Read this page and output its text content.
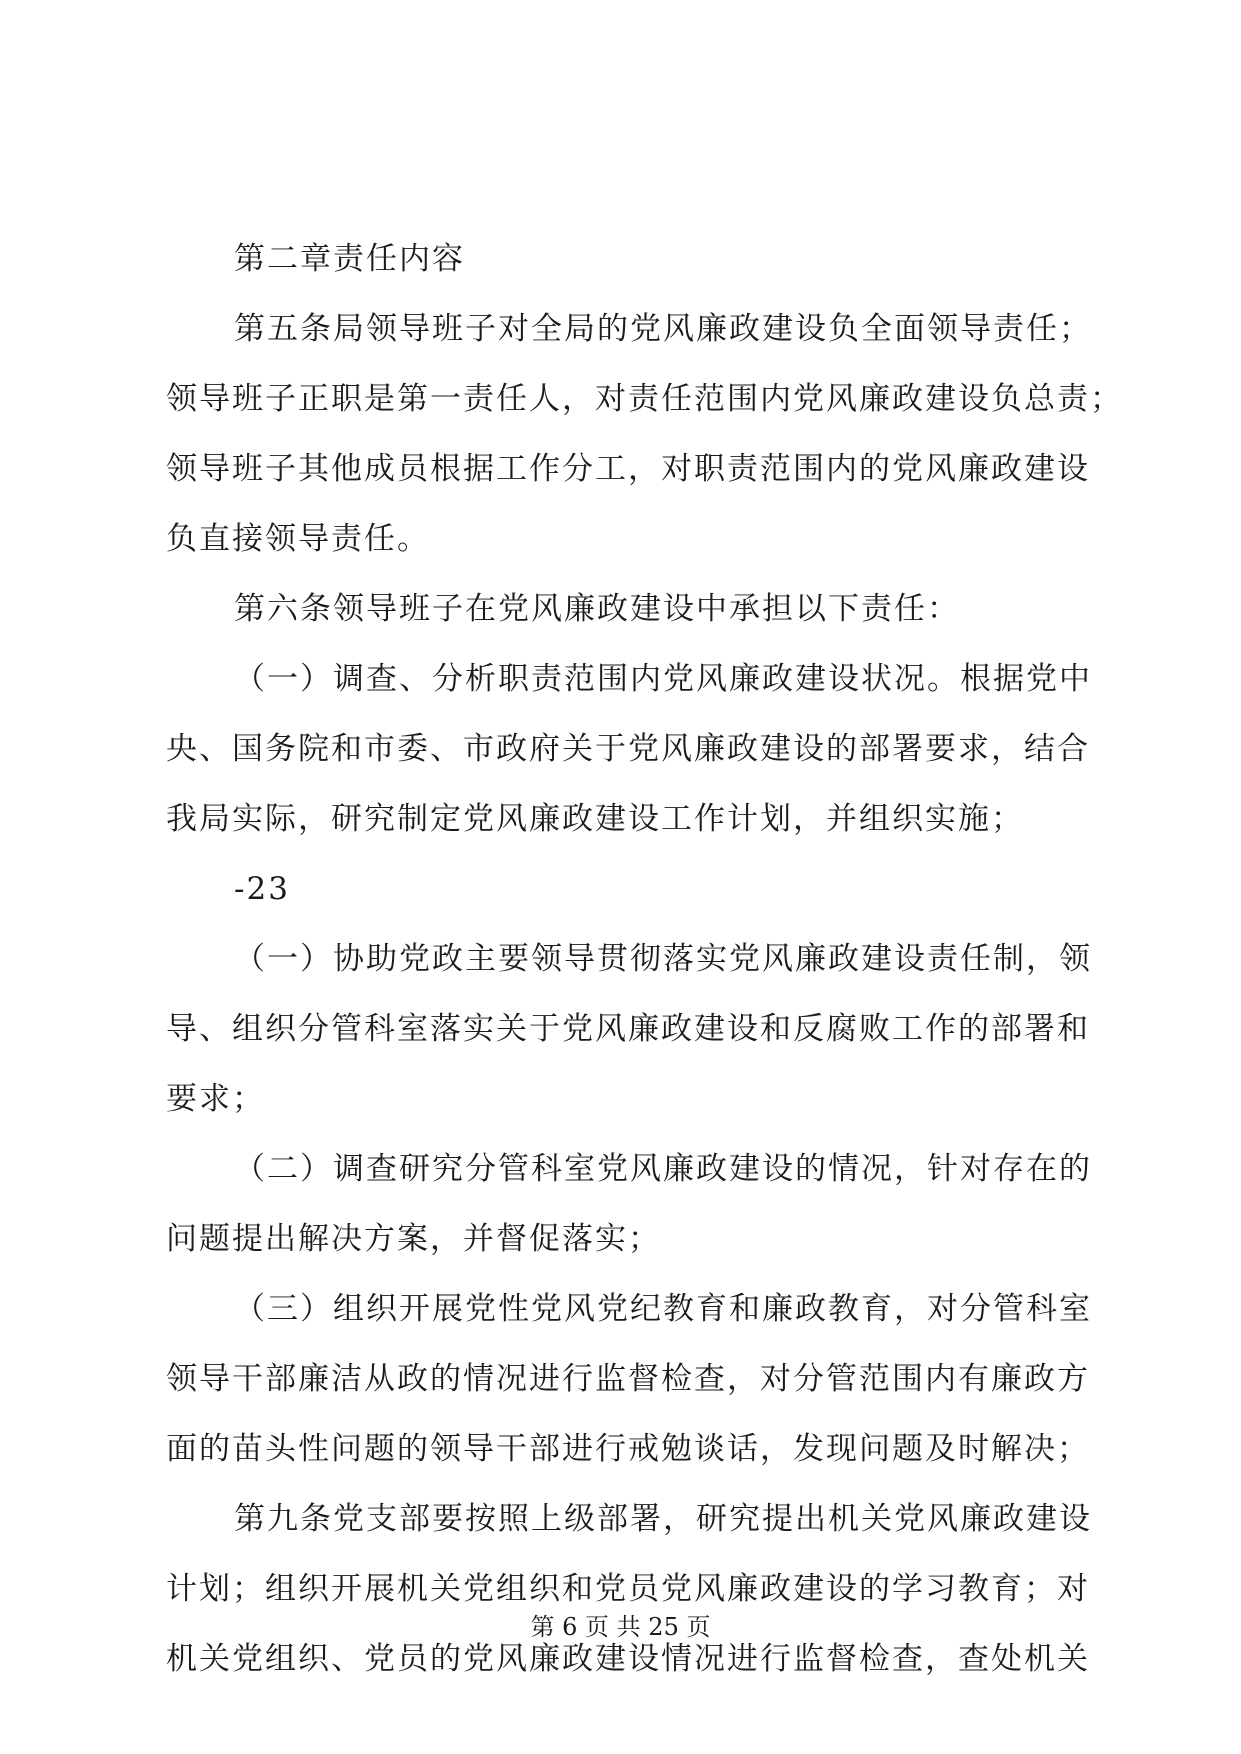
第二章责任内容
第五条局领导班子对全局的党风廉政建设负全面领导责任；
领导班子正职是第一责任人，对责任范围内党风廉政建设负总责；
领导班子其他成员根据工作分工，对职责范围内的党风廉政建设
负直接领导责任。
第六条领导班子在党风廉政建设中承担以下责任：
（一）调查、分析职责范围内党风廉政建设状况。根据党中
央、国务院和市委、市政府关于党风廉政建设的部署要求，结合
我局实际，研究制定党风廉政建设工作计划，并组织实施；
-23
（一）协助党政主要领导贯彻落实党风廉政建设责任制，领
导、组织分管科室落实关于党风廉政建设和反腐败工作的部署和
要求；
（二）调查研究分管科室党风廉政建设的情况，针对存在的
问题提出解决方案，并督促落实；
（三）组织开展党性党风党纪教育和廉政教育，对分管科室
领导干部廉洁从政的情况进行监督检查，对分管范围内有廉政方
面的苗头性问题的领导干部进行戒勉谈话，发现问题及时解决；
第九条党支部要按照上级部署，研究提出机关党风廉政建设
计划；组织开展机关党组织和党员党风廉政建设的学习教育；对
机关党组织、党员的党风廉政建设情况进行监督检查，查处机关
第 6 页 共 25 页
